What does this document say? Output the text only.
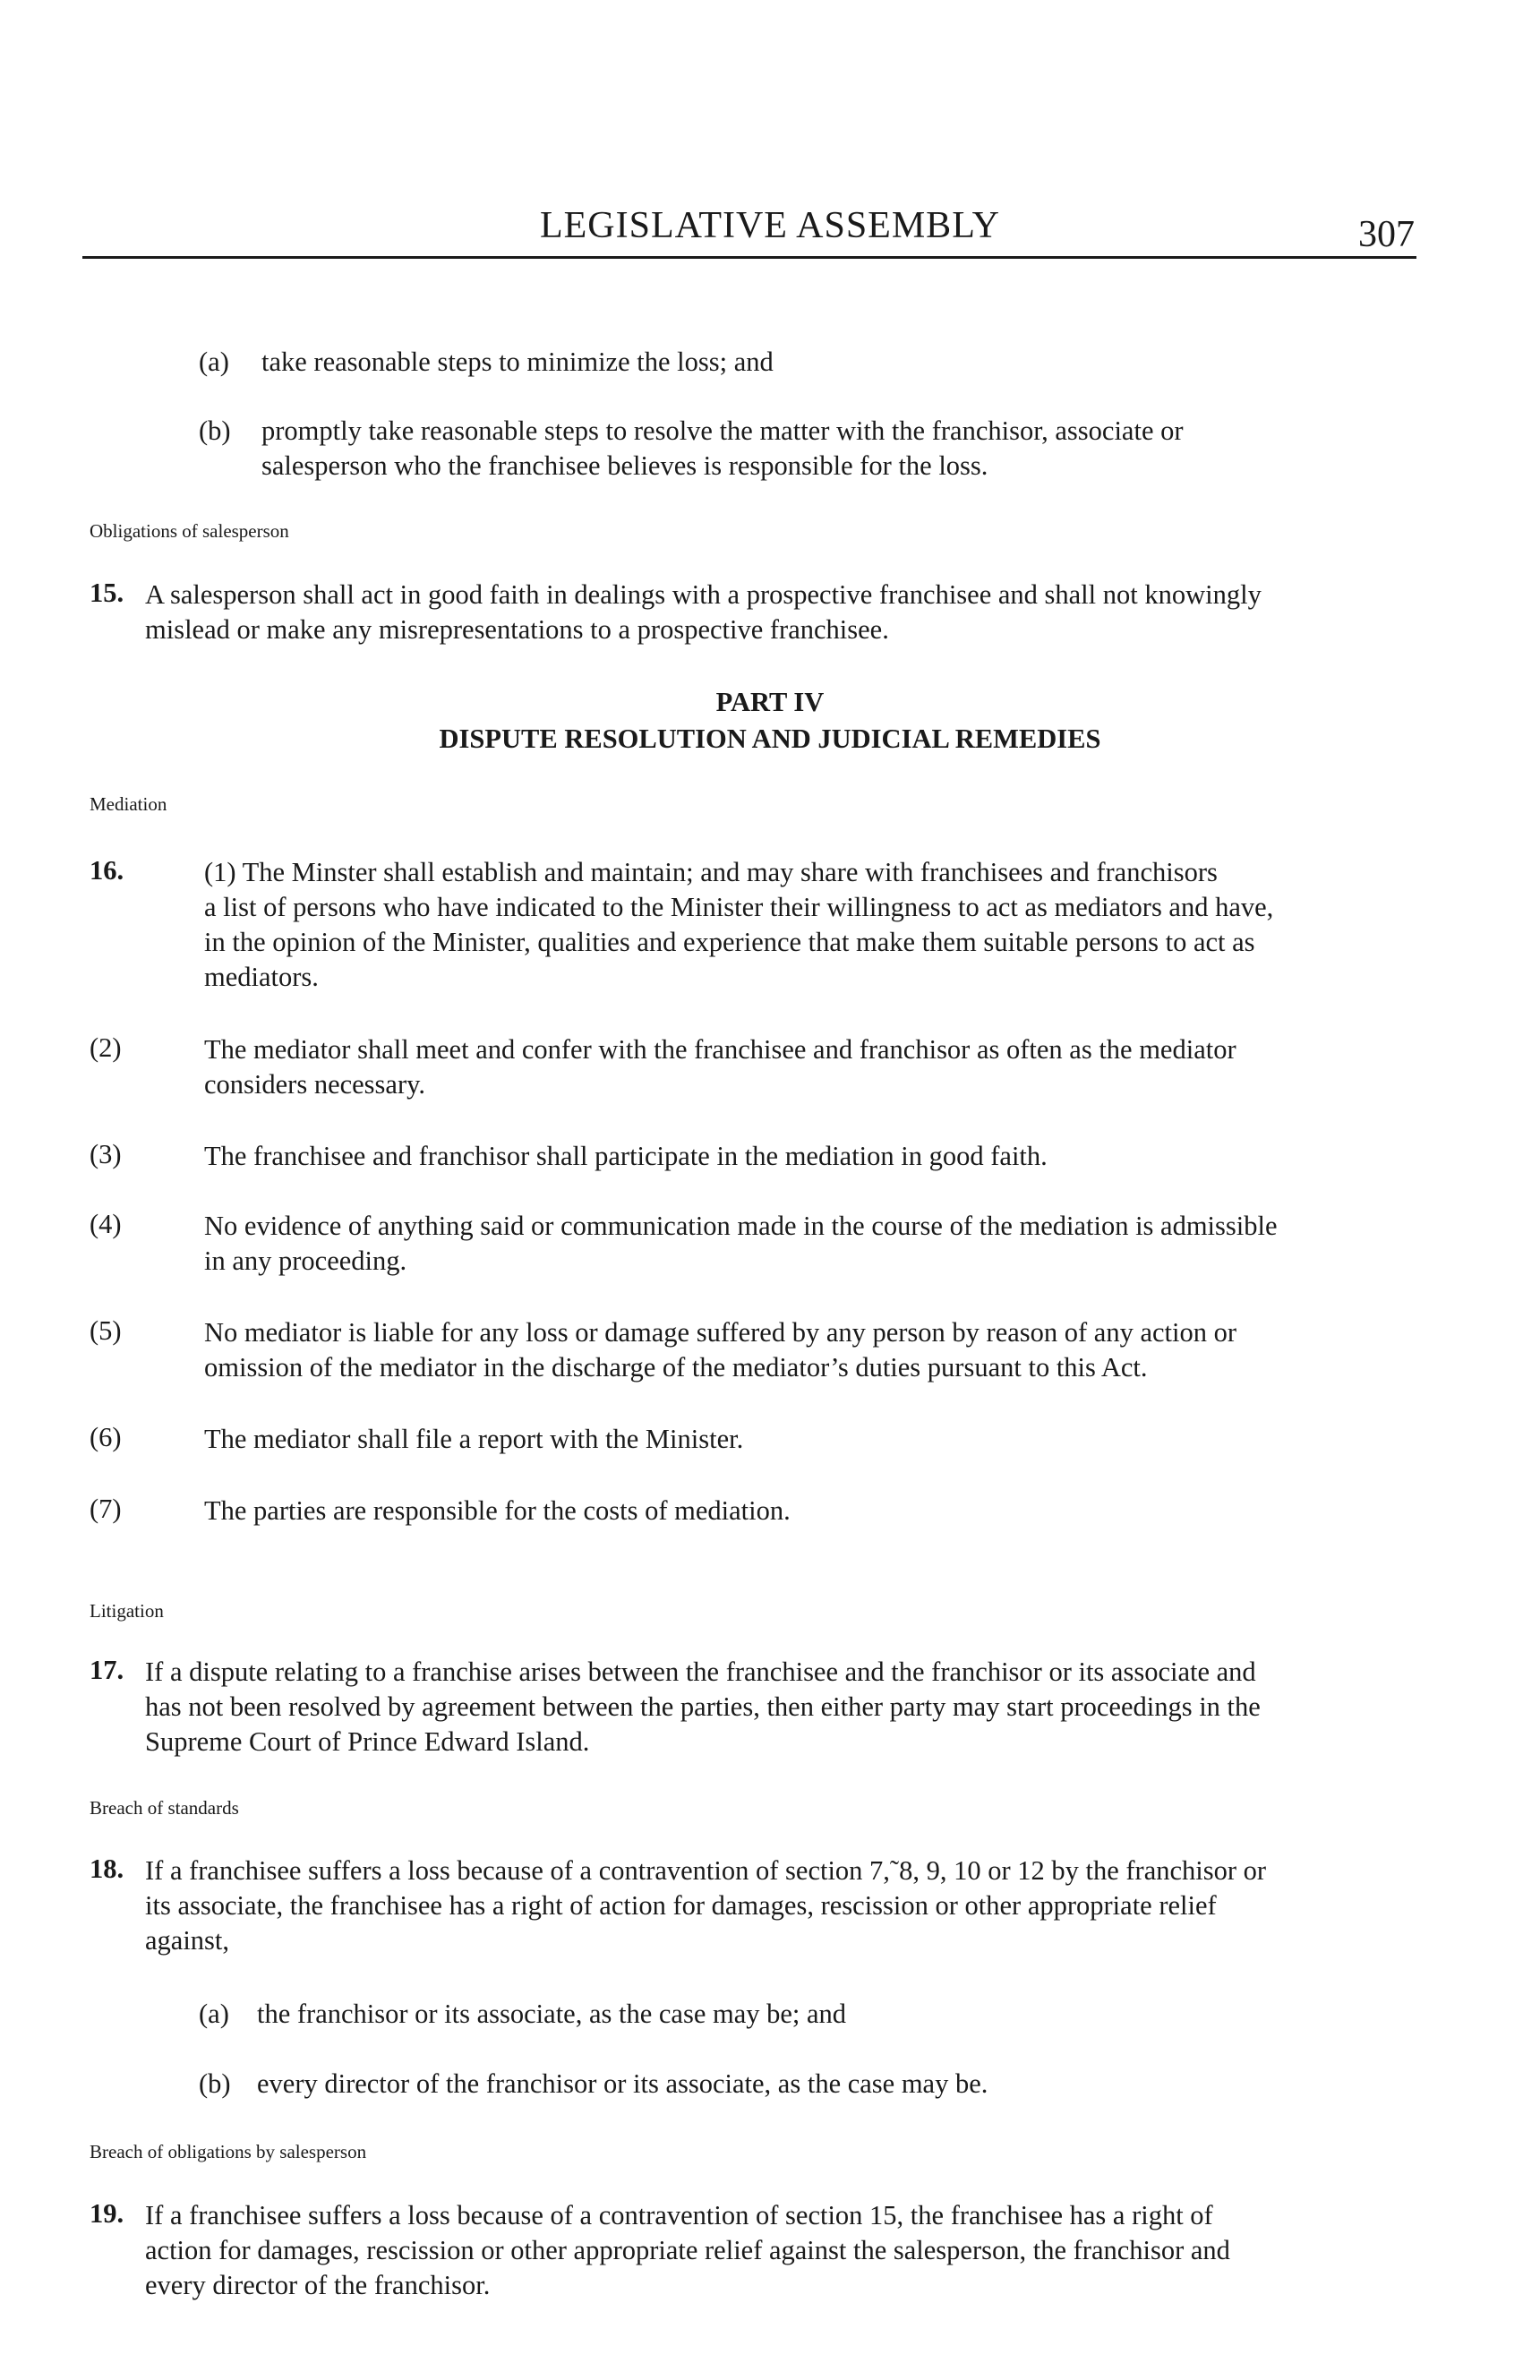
LEGISLATIVE ASSEMBLY	307
(a) take reasonable steps to minimize the loss; and
(b) promptly take reasonable steps to resolve the matter with the franchisor, associate or
salesperson who the franchisee believes is responsible for the loss.
Obligations of salesperson
15. A salesperson shall act in good faith in dealings with a prospective franchisee and shall not knowingly
mislead or make any misrepresentations to a prospective franchisee.
PART IV
DISPUTE RESOLUTION AND JUDICIAL REMEDIES
Mediation
16.	(1) The Minster shall establish and maintain; and may share with franchisees and franchisors
a list of persons who have indicated to the Minister their willingness to act as mediators and have,
in the opinion of the Minister, qualities and experience that make them suitable persons to act as
mediators.
(2)	The mediator shall meet and confer with the franchisee and franchisor as often as the mediator
considers necessary.
(3)	The franchisee and franchisor shall participate in the mediation in good faith.
(4)	No evidence of anything said or communication made in the course of the mediation is admissible
in any proceeding.
(5)	No mediator is liable for any loss or damage suffered by any person by reason of any action or
omission of the mediator in the discharge of the mediator’s duties pursuant to this Act.
(6)	The mediator shall file a report with the Minister.
(7)	The parties are responsible for the costs of mediation.
Litigation
17. If a dispute relating to a franchise arises between the franchisee and the franchisor or its associate and
has not been resolved by agreement between the parties, then either party may start proceedings in the
Supreme Court of Prince Edward Island.
Breach of standards
18. If a franchisee suffers a loss because of a contravention of section 7,˜8, 9, 10 or 12 by the franchisor or
its associate, the franchisee has a right of action for damages, rescission or other appropriate relief
against,
(a) the franchisor or its associate, as the case may be; and
(b) every director of the franchisor or its associate, as the case may be.
Breach of obligations by salesperson
19. If a franchisee suffers a loss because of a contravention of section 15, the franchisee has a right of
action for damages, rescission or other appropriate relief against the salesperson, the franchisor and
every director of the franchisor.
